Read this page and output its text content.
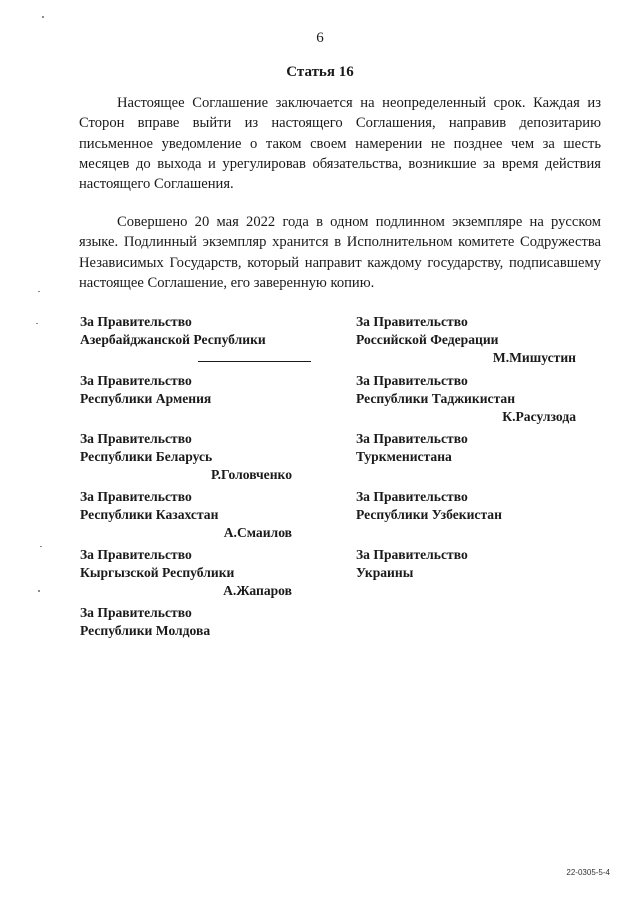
6
Статья 16
Настоящее Соглашение заключается на неопределенный срок. Каждая из Сторон вправе выйти из настоящего Соглашения, направив депозитарию письменное уведомление о таком своем намерении не позднее чем за шесть месяцев до выхода и урегулировав обязательства, возникшие за время действия настоящего Соглашения.
Совершено 20 мая 2022 года в одном подлинном экземпляре на русском языке. Подлинный экземпляр хранится в Исполнительном комитете Содружества Независимых Государств, который направит каждому государству, подписавшему настоящее Соглашение, его заверенную копию.
За Правительство
Азербайджанской Республики
За Правительство
Республики Армения
За Правительство
Республики Беларусь
Р.Головченко
За Правительство
Республики Казахстан
А.Смаилов
За Правительство
Кыргызской Республики
А.Жапаров
За Правительство
Республики Молдова
За Правительство
Российской Федерации
М.Мишустин
За Правительство
Республики Таджикистан
К.Расулзода
За Правительство
Туркменистана
За Правительство
Республики Узбекистан
За Правительство
Украины
22-0305-5-4
